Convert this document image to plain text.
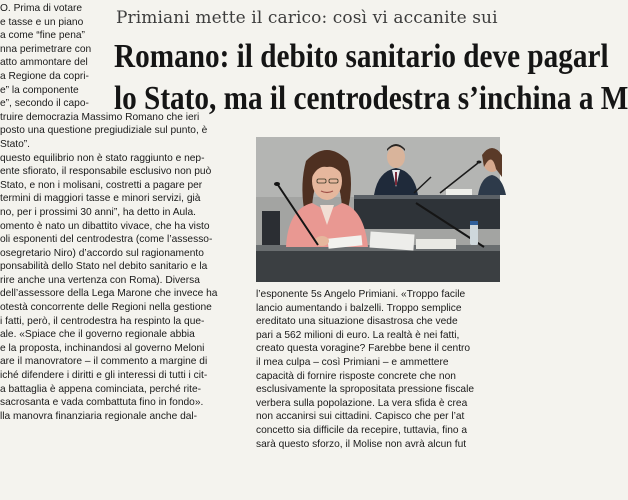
O. Prima di votare

e tasse e un piano

a come “fine pena”

nna perimetrare con

atto ammontare del

a Regione da copri-

e” la componente

e”, secondo il capo-

truire democrazia Massimo Romano che ieri

posto una questione pregiudiziale sul punto, è

Stato”.

questo equilibrio non è stato raggiunto e nep-

ente sfiorato, il responsabile esclusivo non può

Stato, e non i molisani, costretti a pagare per

termini di maggiori tasse e minori servizi, già

no, per i prossimi 30 anni”, ha detto in Aula.

omento è nato un dibattito vivace, che ha visto

oli esponenti del centrodestra (come l’assesso-

osegretario Niro) d’accordo sul ragionamento

ponsabilità dello Stato nel debito sanitario e la

rire anche una vertenza con Roma). Diversa

dell’assessore della Lega Marone che invece ha

otestà concorrente delle Regioni nella gestione

i fatti, però, il centrodestra ha respinto la que-

ale. «Spiace che il governo regionale abbia

e la proposta, inchinandosi al governo Meloni

are il manovratore – il commento a margine di

iché difendere i diritti e gli interessi di tutti i cit-

a battaglia è appena cominciata, perché rite-

sacrosanta e vada combattuta fino in fondo».

lla manovra finanziaria regionale anche dal-

Primiani mette il carico: così vi accanite sui
Romano: il debito sanitario deve pagarl
lo Stato, ma il centrodestra s’inchina a M

l’esponente 5s Angelo Primiani. «Troppo facile

lancio aumentando i balzelli. Troppo semplice

ereditato una situazione disastrosa che vede

pari a 562 milioni di euro. La realtà è nei fatti,

creato questa voragine? Farebbe bene il centro

il mea culpa – così Primiani – e ammettere

capacità di fornire risposte concrete che non

esclusivamente la spropositata pressione fiscale

verbera sulla popolazione. La vera sfida è crea

non accanirsi sui cittadini. Capisco che per l’at

concetto sia difficile da recepire, tuttavia, fino a

sarà questo sforzo, il Molise non avrà alcun fut
